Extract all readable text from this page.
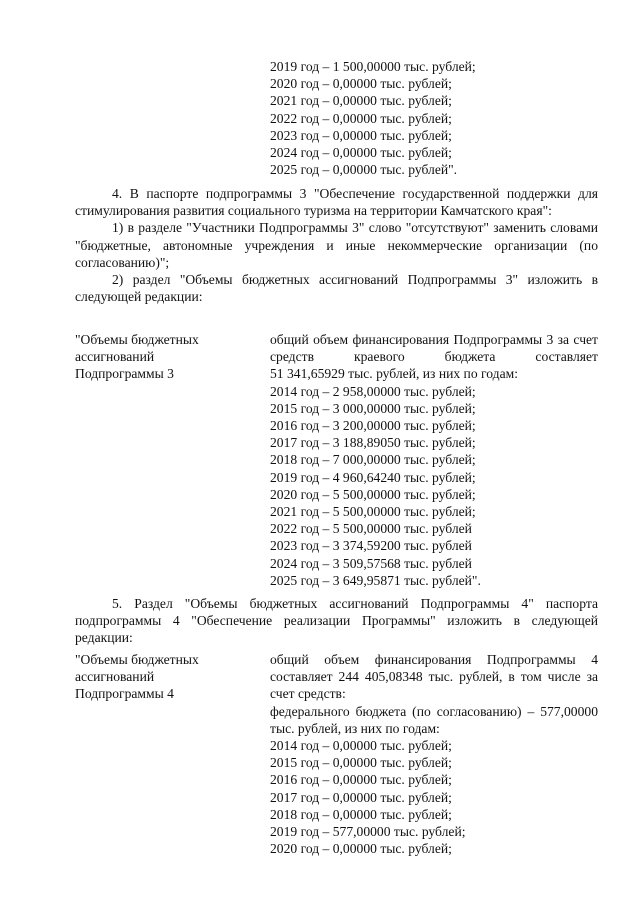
2019 год – 1 500,00000 тыс. рублей;
2020 год – 0,00000 тыс. рублей;
2021 год – 0,00000 тыс. рублей;
2022 год – 0,00000 тыс. рублей;
2023 год – 0,00000 тыс. рублей;
2024 год – 0,00000 тыс. рублей;
2025 год – 0,00000 тыс. рублей".

4. В паспорте подпрограммы 3 "Обеспечение государственной поддержки для стимулирования развития социального туризма на территории Камчатского края":

1) в разделе "Участники Подпрограммы 3" слово "отсутствуют" заменить словами "бюджетные, автономные учреждения и иные некоммерческие организации (по согласованию)";

2) раздел "Объемы бюджетных ассигнований Подпрограммы 3" изложить в следующей редакции:

"Объемы бюджетных
ассигнований
Подпрограммы 3

общий объем финансирования Подпрограммы 3 за счет средств краевого бюджета составляет

51 341,65929 тыс. рублей, из них по годам:
2014 год – 2 958,00000 тыс. рублей;
2015 год – 3 000,00000 тыс. рублей;
2016 год – 3 200,00000 тыс. рублей;
2017 год – 3 188,89050 тыс. рублей;
2018 год – 7 000,00000 тыс. рублей;
2019 год – 4 960,64240 тыс. рублей;
2020 год – 5 500,00000 тыс. рублей;
2021 год – 5 500,00000 тыс. рублей;
2022 год – 5 500,00000 тыс. рублей
2023 год – 3 374,59200 тыс. рублей
2024 год – 3 509,57568 тыс. рублей
2025 год – 3 649,95871 тыс. рублей".

5. Раздел "Объемы бюджетных ассигнований Подпрограммы 4" паспорта подпрограммы 4 "Обеспечение реализации Программы" изложить в следующей редакции:

"Объемы бюджетных
ассигнований
Подпрограммы 4

общий объем финансирования Подпрограммы 4 составляет 244 405,08348 тыс. рублей, в том числе за счет средств:

федерального бюджета (по согласованию) – 577,00000 тыс. рублей, из них по годам:

2014 год – 0,00000 тыс. рублей;
2015 год – 0,00000 тыс. рублей;
2016 год – 0,00000 тыс. рублей;
2017 год – 0,00000 тыс. рублей;
2018 год – 0,00000 тыс. рублей;
2019 год – 577,00000 тыс. рублей;
2020 год – 0,00000 тыс. рублей;
